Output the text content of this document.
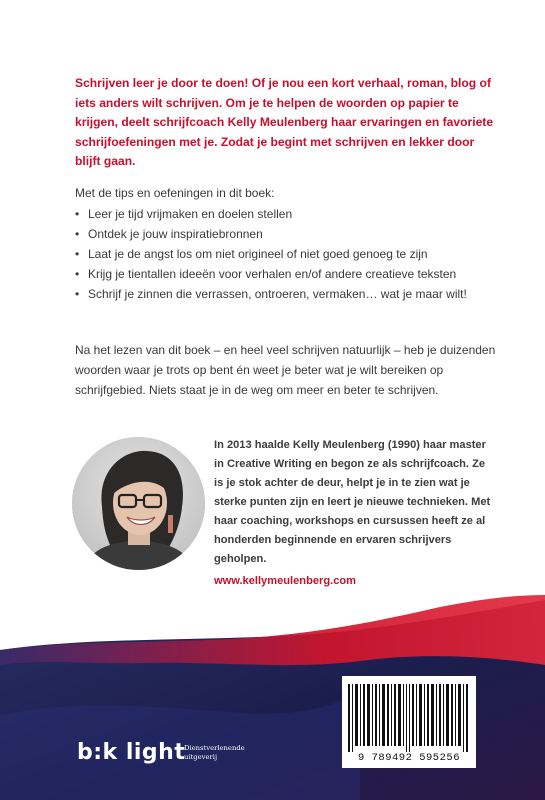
Schrijven leer je door te doen! Of je nou een kort verhaal, roman, blog of iets anders wilt schrijven. Om je te helpen de woorden op papier te krijgen, deelt schrijfcoach Kelly Meulenberg haar ervaringen en favoriete schrijfoefeningen met je. Zodat je begint met schrijven en lekker door blijft gaan.

Met de tips en oefeningen in dit boek:

• Leer je tijd vrijmaken en doelen stellen
• Ontdek je jouw inspiratiebronnen
• Laat je de angst los om niet origineel of niet goed genoeg te zijn
• Krijg je tientallen ideeën voor verhalen en/of andere creatieve teksten
• Schrijf je zinnen die verrassen, ontroeren, vermaken… wat je maar wilt!

Na het lezen van dit boek – en heel veel schrijven natuurlijk – heb je duizenden woorden waar je trots op bent én weet je beter wat je wilt bereiken op schrijfgebied. Niets staat je in de weg om meer en beter te schrijven.

In 2013 haalde Kelly Meulenberg (1990) haar master in Creative Writing en begon ze als schrijfcoach. Ze is je stok achter de deur, helpt je in te zien wat je sterke punten zijn en leert je nieuwe technieken. Met haar coaching, workshops en cursussen heeft ze al honderden beginnende en ervaren schrijvers geholpen.

www.kellymeulenberg.com
b:k light
Dienstverlenende uitgeverij	9 789492 595256
